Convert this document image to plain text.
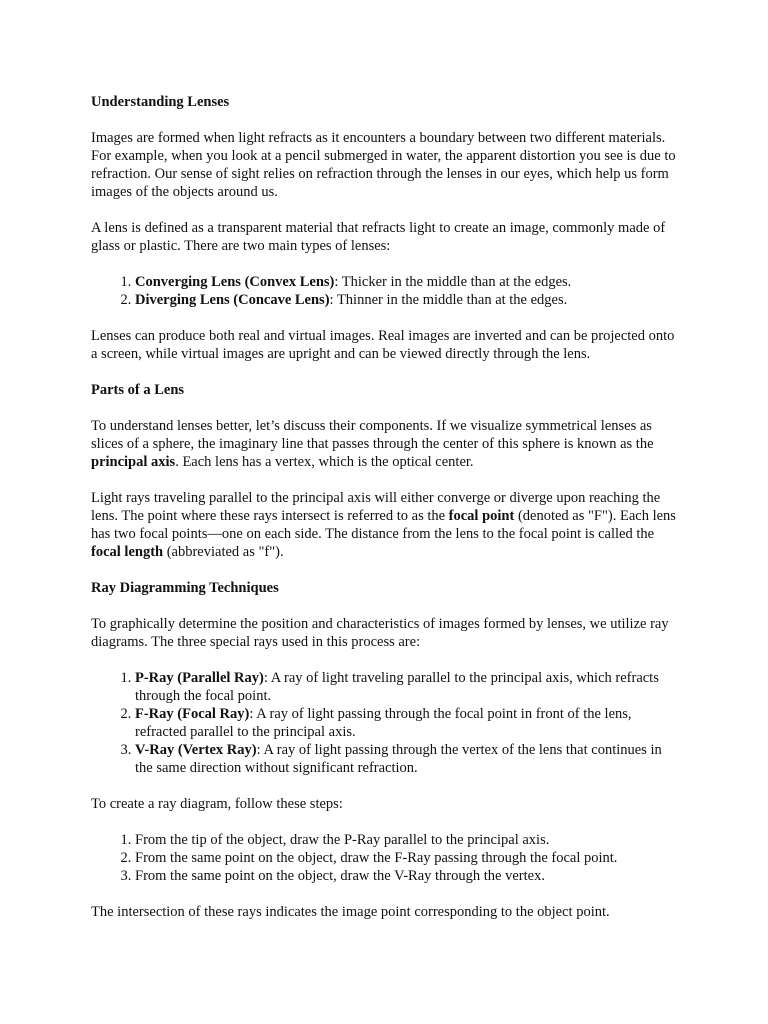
Understanding Lenses

Images are formed when light refracts as it encounters a boundary between two different materials. For example, when you look at a pencil submerged in water, the apparent distortion you see is due to refraction. Our sense of sight relies on refraction through the lenses in our eyes, which help us form images of the objects around us.

A lens is defined as a transparent material that refracts light to create an image, commonly made of glass or plastic. There are two main types of lenses:

1. Converging Lens (Convex Lens): Thicker in the middle than at the edges.
2. Diverging Lens (Concave Lens): Thinner in the middle than at the edges.

Lenses can produce both real and virtual images. Real images are inverted and can be projected onto a screen, while virtual images are upright and can be viewed directly through the lens.

Parts of a Lens

To understand lenses better, let’s discuss their components. If we visualize symmetrical lenses as slices of a sphere, the imaginary line that passes through the center of this sphere is known as the principal axis. Each lens has a vertex, which is the optical center.

Light rays traveling parallel to the principal axis will either converge or diverge upon reaching the lens. The point where these rays intersect is referred to as the focal point (denoted as "F"). Each lens has two focal points—one on each side. The distance from the lens to the focal point is called the focal length (abbreviated as "f").

Ray Diagramming Techniques

To graphically determine the position and characteristics of images formed by lenses, we utilize ray diagrams. The three special rays used in this process are:

1. P-Ray (Parallel Ray): A ray of light traveling parallel to the principal axis, which refracts through the focal point.
2. F-Ray (Focal Ray): A ray of light passing through the focal point in front of the lens, refracted parallel to the principal axis.
3. V-Ray (Vertex Ray): A ray of light passing through the vertex of the lens that continues in the same direction without significant refraction.

To create a ray diagram, follow these steps:

1. From the tip of the object, draw the P-Ray parallel to the principal axis.
2. From the same point on the object, draw the F-Ray passing through the focal point.
3. From the same point on the object, draw the V-Ray through the vertex.

The intersection of these rays indicates the image point corresponding to the object point.
